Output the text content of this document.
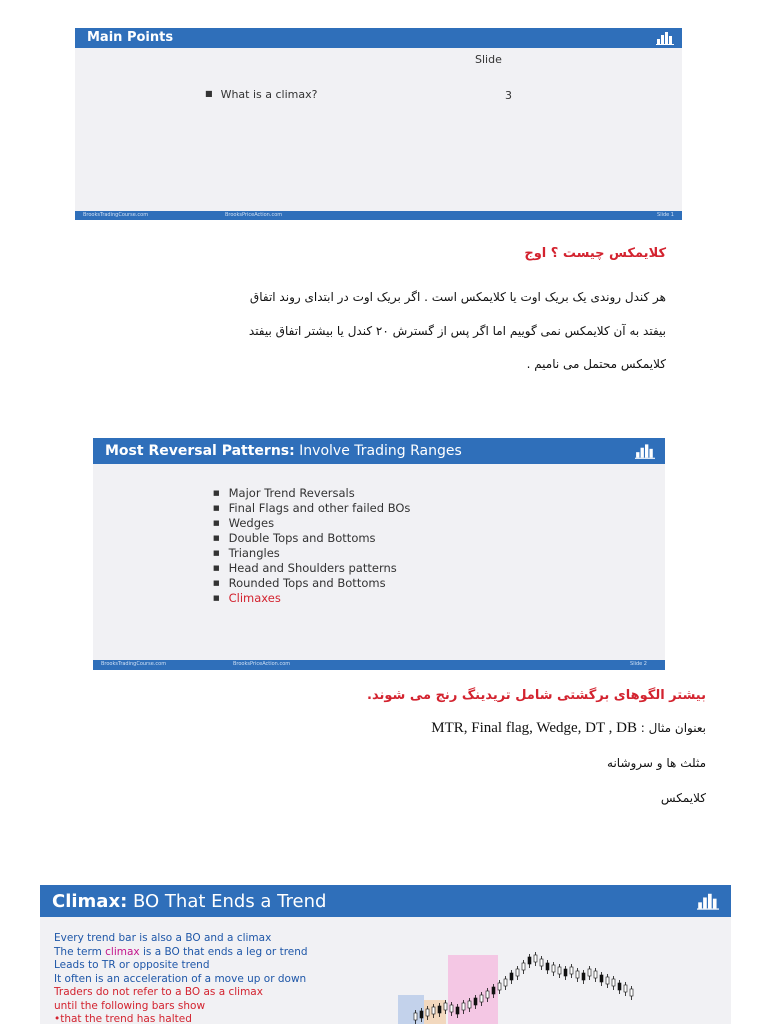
Main Points
Slide
■ What is a climax?	3
BrooksTradingCourse.com	BrooksPriceAction.com	Slide 1
کلایمکس چیست ؟ اوج
هر کندل روندی یک بریک اوت یا کلایمکس است . اگر بریک اوت در ابتدای روند اتفاق
بیفتد به آن کلایمکس نمی گوییم اما اگر پس از گسترش ۲۰ کندل یا بیشتر اتفاق بیفتد
کلایمکس محتمل می نامیم .
Most Reversal Patterns: Involve Trading Ranges
■ Major Trend Reversals
■ Final Flags and other failed BOs
■ Wedges
■ Double Tops and Bottoms
■ Triangles
■ Head and Shoulders patterns
■ Rounded Tops and Bottoms
■ Climaxes
BrooksTradingCourse.com	BrooksPriceAction.com	Slide 2
بیشتر الگوهای برگشتی شامل تریدینگ رنج می شوند.
بعنوان مثال : MTR, Final flag, Wedge, DT , DB
مثلث ها و سروشانه
کلایمکس
Climax: BO That Ends a Trend
Every trend bar is also a BO and a climax
The term climax is a BO that ends a leg or trend
Leads to TR or opposite trend
It often is an acceleration of a move up or down
Traders do not refer to a BO as a climax
until the following bars show
•that the trend has halted
